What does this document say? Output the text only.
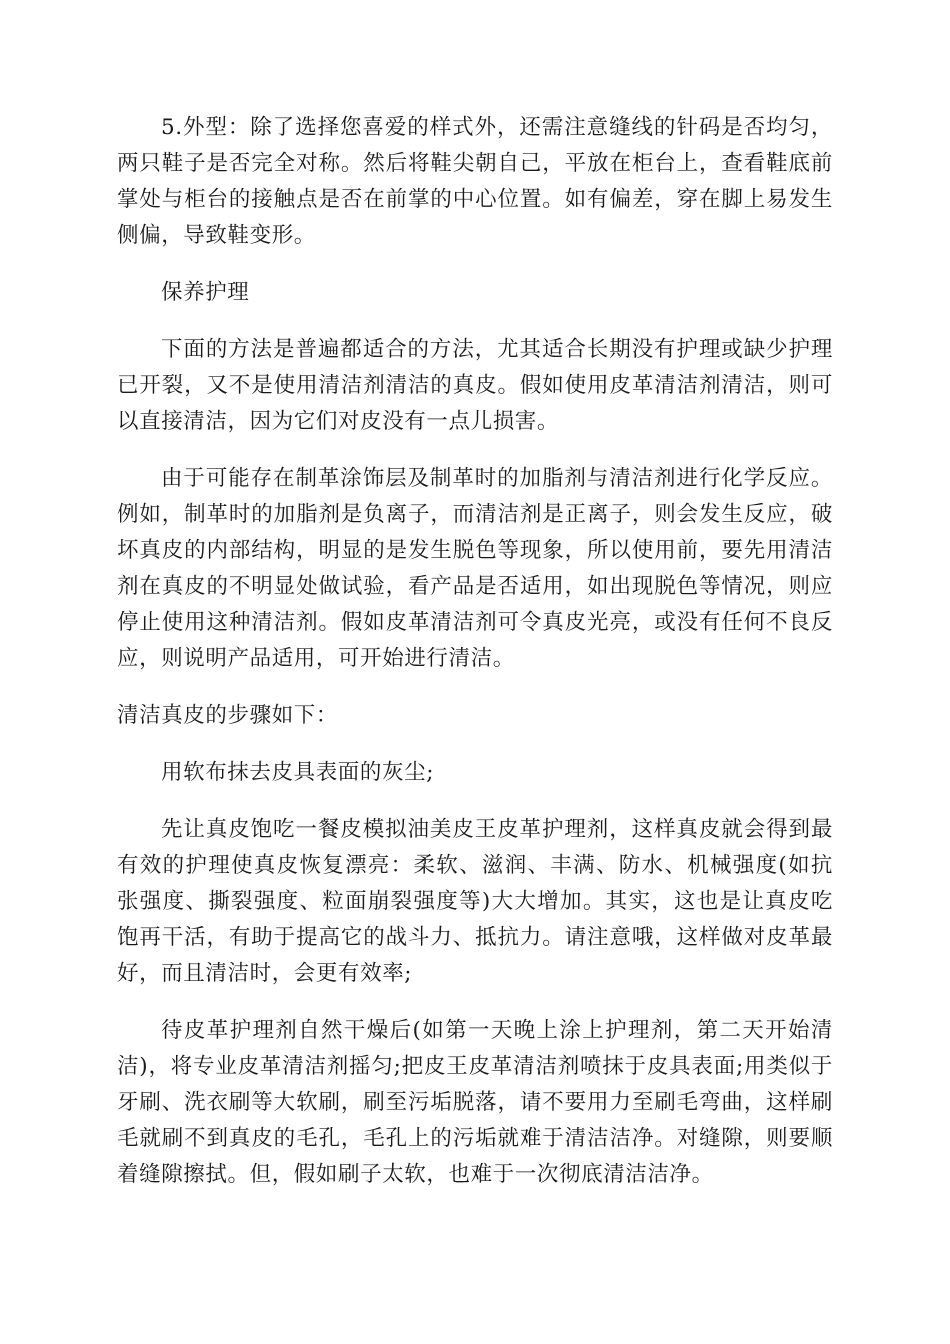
5.外型：除了选择您喜爱的样式外，还需注意缝线的针码是否均匀，两只鞋子是否完全对称。然后将鞋尖朝自己，平放在柜台上，查看鞋底前掌处与柜台的接触点是否在前掌的中心位置。如有偏差，穿在脚上易发生侧偏，导致鞋变形。

保养护理

下面的方法是普遍都适合的方法，尤其适合长期没有护理或缺少护理已开裂，又不是使用清洁剂清洁的真皮。假如使用皮革清洁剂清洁，则可以直接清洁，因为它们对皮没有一点儿损害。

由于可能存在制革涂饰层及制革时的加脂剂与清洁剂进行化学反应。例如，制革时的加脂剂是负离子，而清洁剂是正离子，则会发生反应，破坏真皮的内部结构，明显的是发生脱色等现象，所以使用前，要先用清洁剂在真皮的不明显处做试验，看产品是否适用，如出现脱色等情况，则应停止使用这种清洁剂。假如皮革清洁剂可令真皮光亮，或没有任何不良反应，则说明产品适用，可开始进行清洁。

清洁真皮的步骤如下：

用软布抹去皮具表面的灰尘;

先让真皮饱吃一餐皮模拟油美皮王皮革护理剂，这样真皮就会得到最有效的护理使真皮恢复漂亮：柔软、滋润、丰满、防水、机械强度(如抗张强度、撕裂强度、粒面崩裂强度等)大大增加。其实，这也是让真皮吃饱再干活，有助于提高它的战斗力、抵抗力。请注意哦，这样做对皮革最好，而且清洁时，会更有效率;

待皮革护理剂自然干燥后(如第一天晚上涂上护理剂，第二天开始清洁)，将专业皮革清洁剂摇匀;把皮王皮革清洁剂喷抹于皮具表面;用类似于牙刷、洗衣刷等大软刷，刷至污垢脱落，请不要用力至刷毛弯曲，这样刷毛就刷不到真皮的毛孔，毛孔上的污垢就难于清洁洁净。对缝隙，则要顺着缝隙擦拭。但，假如刷子太软，也难于一次彻底清洁洁净。
